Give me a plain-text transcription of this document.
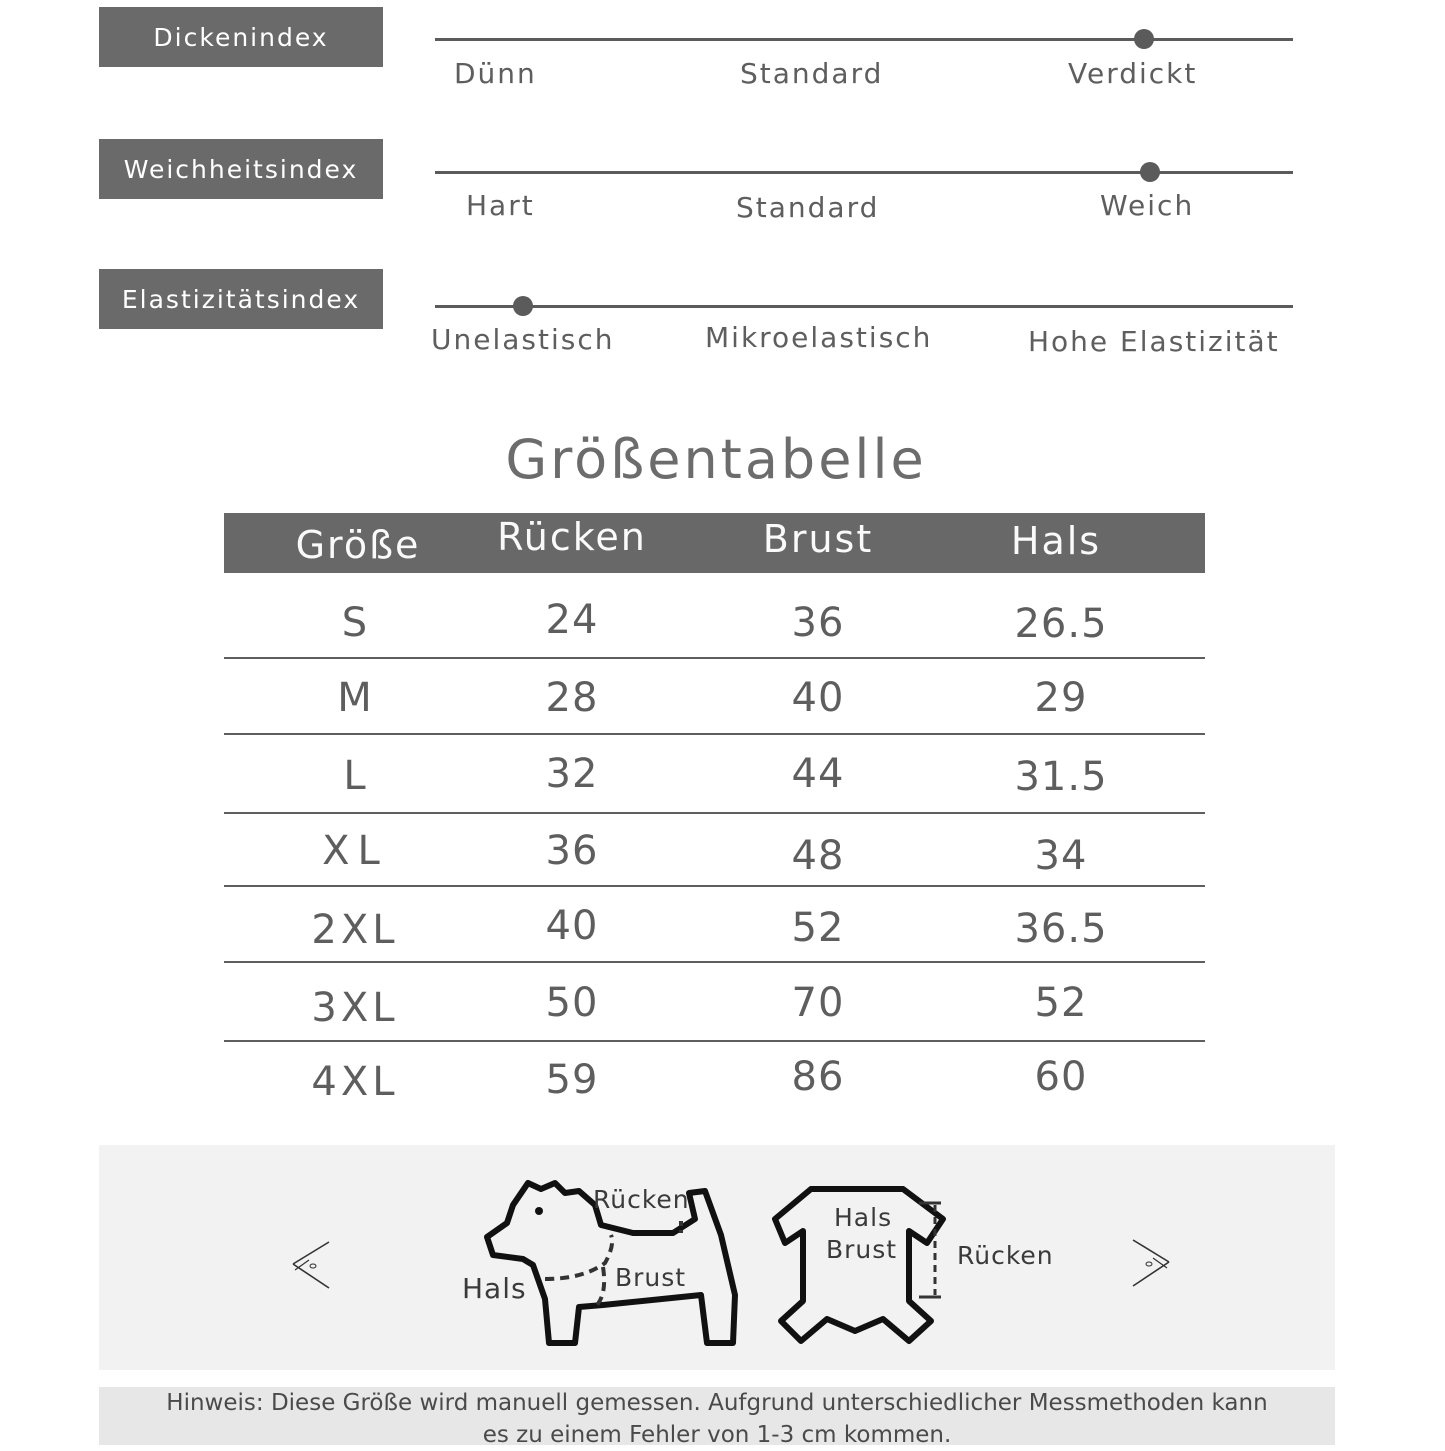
Dickenindex
Dünn	Standard	Verdickt
Weichheitsindex
Hart	Standard	Weich
Elastizitätsindex
Unelastisch	Mikroelastisch	Hohe Elastizität
Größentabelle
Größe	Rücken	Brust	Hals
S	24	36	26.5
M	28	40	29
L	32	44	31.5
XL	36	48	34
2XL	40	52	36.5
3XL	50	70	52
4XL	59	86	60
Rücken
Brust
Hals
Hals
Brust Rücken
Hinweis: Diese Größe wird manuell gemessen. Aufgrund unterschiedlicher Messmethoden kann
es zu einem Fehler von 1-3 cm kommen.
